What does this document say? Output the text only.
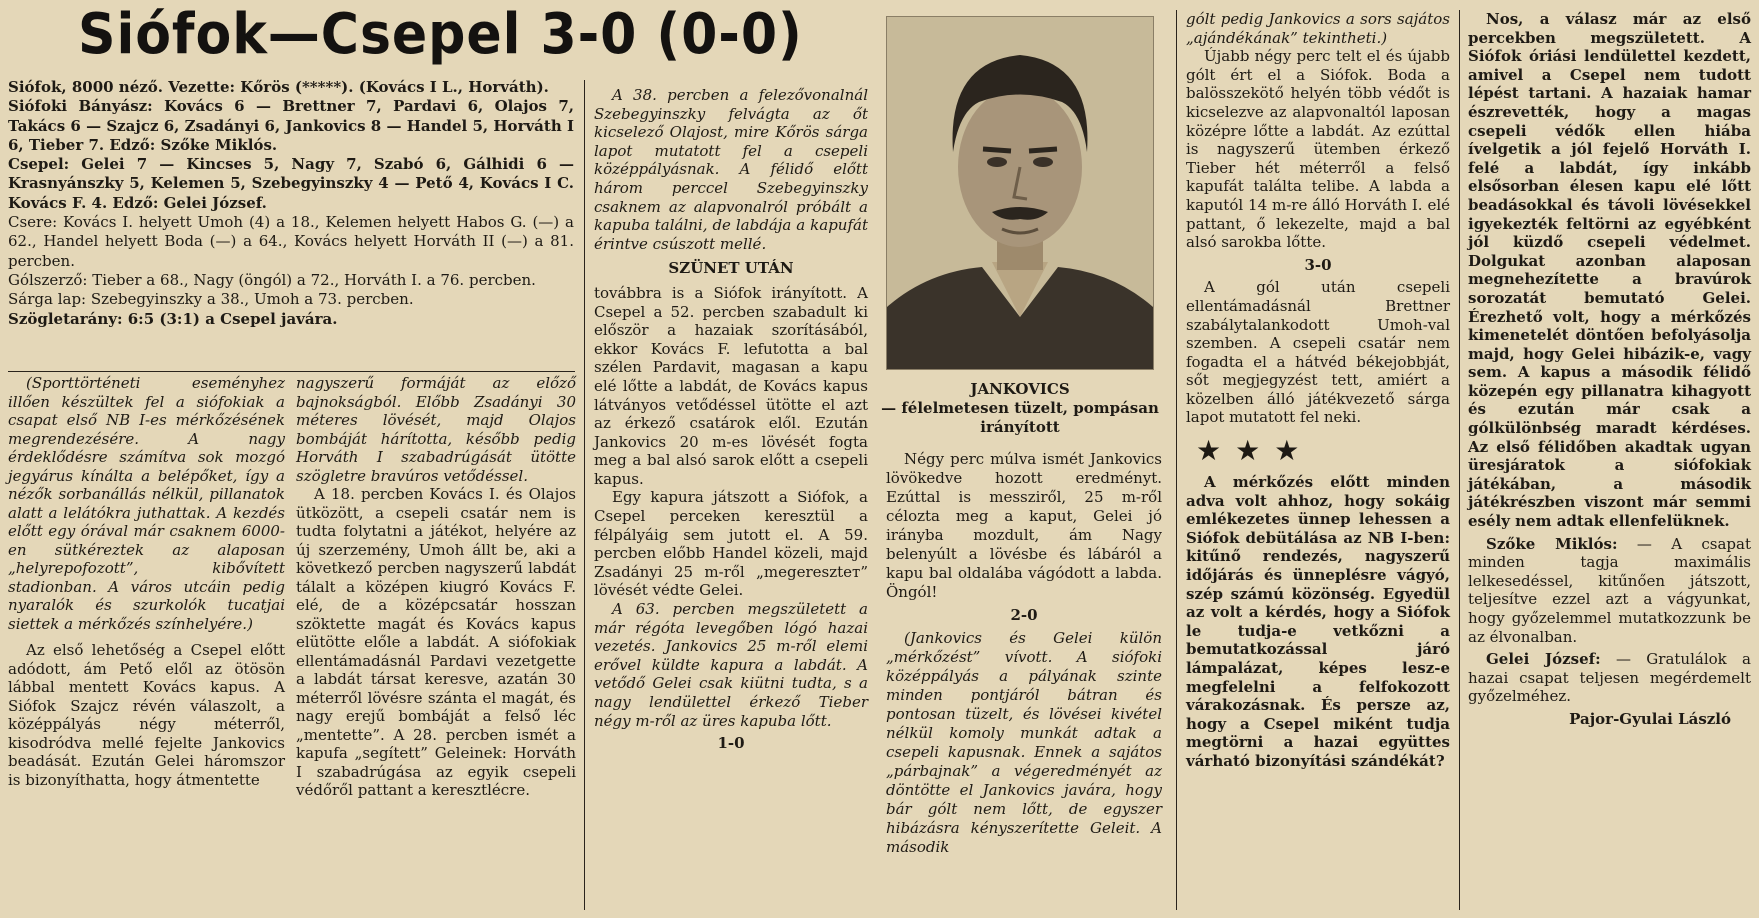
Siófok—Csepel 3-0 (0-0)

Siófok, 8000 néző. Vezette: Kőrös (*****). (Kovács I L., Horváth).

Siófoki Bányász: Kovács 6 — Brettner 7, Pardavi 6, Olajos 7, Takács 6 — Szajcz 6, Zsadányi 6, Jankovics 8 — Handel 5, Horváth I 6, Tieber 7. Edző: Szőke Miklós.

Csepel: Gelei 7 — Kincses 5, Nagy 7, Szabó 6, Gálhidi 6 — Krasnyánszky 5, Kelemen 5, Szebegyinszky 4 — Pető 4, Kovács I C. Kovács F. 4. Edző: Gelei József.

Csere: Kovács I. helyett Umoh (4) a 18., Kelemen helyett Habos G. (—) a 62., Handel helyett Boda (—) a 64., Kovács helyett Horváth II (—) a 81. percben.

Gólszerző: Tieber a 68., Nagy (öngól) a 72., Horváth I. a 76. percben.

Sárga lap: Szebegyinszky a 38., Umoh a 73. percben.

Szögletarány: 6:5 (3:1) a Csepel javára.

(Sporttörténeti eseményhez illően készültek fel a siófokiak a csapat első NB I-es mérkőzésének megrendezésére. A nagy érdeklődésre számítva sok mozgó jegyárus kínálta a belépőket, így a nézők sorbanállás nélkül, pillanatok alatt a lelátókra juthattak. A kezdés előtt egy órával már csaknem 6000-en sütkéreztek az alaposan „helyrepofozott”, kibővített stadionban. A város utcáin pedig nyaralók és szurkolók tucatjai siettek a mérkőzés színhelyére.)

Az első lehetőség a Csepel előtt adódott, ám Pető elől az ötösön lábbal mentett Kovács kapus. A Siófok Szajcz révén válaszolt, a középpályás négy méterről, kisodródva mellé fejelte Jankovics beadását. Ezután Gelei háromszor is bizonyíthatta, hogy átmentette

nagyszerű formáját az előző bajnokságból. Előbb Zsadányi 30 méteres lövését, majd Olajos bombáját hárította, később pedig Horváth I szabadrúgását ütötte szögletre bravúros vetődéssel.

A 18. percben Kovács I. és Olajos ütközött, a csepeli csatár nem is tudta folytatni a játékot, helyére az új szerzemény, Umoh állt be, aki a következő percben nagyszerű labdát tálalt a középen kiugró Kovács F. elé, de a középcsatár hosszan szöktette magát és Kovács kapus elütötte előle a labdát. A siófokiak ellentámadásnál Pardavi vezetgette a labdát társat keresve, azatán 30 méterről lövésre szánta el magát, és nagy erejű bombáját a felső léc „mentette”. A 28. percben ismét a kapufa „segített” Geleinek: Horváth I szabadrúgása az egyik csepeli védőről pattant a keresztlécre.

A 38. percben a felezővonalnál Szebegyinszky felvágta az őt kicselező Olajost, mire Kőrös sárga lapot mutatott fel a csepeli középpályásnak. A félidő előtt három perccel Szebegyinszky csaknem az alapvonalról próbált a kapuba találni, de labdája a kapufát érintve csúszott mellé.

SZÜNET UTÁN

továbbra is a Siófok irányított. A Csepel a 52. percben szabadult ki először a hazaiak szorításából, ekkor Kovács F. lefutotta a bal szélen Pardavit, magasan a kapu elé lőtte a labdát, de Kovács kapus látványos vetődéssel ütötte el azt az érkező csatárok elől. Ezután Jankovics 20 m-es lövését fogta meg a bal alsó sarok előtt a csepeli kapus.

Egy kapura játszott a Siófok, a Csepel perceken keresztül a félpályáig sem jutott el. A 59. percben előbb Handel közeli, majd Zsadányi 25 m-ről „megereszteт” lövését védte Gelei.

A 63. percben megszületett a már régóta levegőben lógó hazai vezetés. Jankovics 25 m-ről elemi erővel küldte kapura a labdát. A vetődő Gelei csak kiütni tudta, s a nagy lendülettel érkező Tieber négy m-ről az üres kapuba lőtt.

1-0

JANKOVICS
— félelmetesen tüzelt, pompásan irányított

Négy perc múlva ismét Jankovics lövökedve hozott eredményt. Ezúttal is messziről, 25 m-ről célozta meg a kaput, Gelei jó irányba mozdult, ám Nagy belenyúlt a lövésbe és lábáról a kapu bal oldalába vágódott a labda. Öngól!

2-0

(Jankovics és Gelei külön „mérkőzést” vívott. A siófoki középpályás a pályának szinte minden pontjáról bátran és pontosan tüzelt, és lövései kivétel nélkül komoly munkát adtak a csepeli kapusnak. Ennek a sajátos „párbajnak” a végeredményét az döntötte el Jankovics javára, hogy bár gólt nem lőtt, de egyszer hibázásra kényszerítette Geleit. A második

gólt pedig Jankovics a sors sajátos „ajándékának” tekintheti.)

Újabb négy perc telt el és újabb gólt ért el a Siófok. Boda a balösszekötő helyén több védőt is kicselezve az alapvonaltól laposan középre lőtte a labdát. Az ezúttal is nagyszerű ütemben érkező Tieber hét méterről a felső kapufát találta telibe. A labda a kaputól 14 m-re álló Horváth I. elé pattant, ő lekezelte, majd a bal alsó sarokba lőtte.

3-0

A gól után csepeli ellentámadásnál Brettner szabálytalankodott Umoh-val szemben. A csepeli csatár nem fogadta el a hátvéd békejobbját, sőt megjegyzést tett, amiért a közelben álló játékvezető sárga lapot mutatott fel neki.

★★★

A mérkőzés előtt minden adva volt ahhoz, hogy sokáig emlékezetes ünnep lehessen a Siófok debütálása az NB I-ben: kitűnő rendezés, nagyszerű időjárás és ünneplésre vágyó, szép számú közönség. Egyedül az volt a kérdés, hogy a Siófok le tudja-e vetkőzni a bemutatkozással járó lámpalázat, képes lesz-e megfelelni a felfokozott várakozásnak. És persze az, hogy a Csepel miként tudja megtörni a hazai együttes várható bizonyítási szándékát?

Nos, a válasz már az első percekben megszületett. A Siófok óriási lendülettel kezdett, amivel a Csepel nem tudott lépést tartani. A hazaiak hamar észrevették, hogy a magas csepeli védők ellen hiába ívelgetik a jól fejelő Horváth I. felé a labdát, így inkább elsősorban élesen kapu elé lőtt beadásokkal és távoli lövésekkel igyekezték feltörni az egyébként jól küzdő csepeli védelmet. Dolgukat azonban alaposan megnehezítette a bravúrok sorozatát bemutató Gelei. Érezhető volt, hogy a mérkőzés kimenetelét döntően befolyásolja majd, hogy Gelei hibázik-e, vagy sem. A kapus a második félidő közepén egy pillanatra kihagyott és ezután már csak a gólkülönbség maradt kérdéses. Az első félidőben akadtak ugyan üresjáratok a siófokiak játékában, a második játékrészben viszont már semmi esély nem adtak ellenfelüknek.

Szőke Miklós: — A csapat minden tagja maximális lelkesedéssel, kitűnően játszott, teljesítve ezzel azt a vágyunkat, hogy győzelemmel mutatkozzunk be az élvonalban.

Gelei József: — Gratulálok a hazai csapat teljesen megérdemelt győzelméhez.

Pajor-Gyulai László
